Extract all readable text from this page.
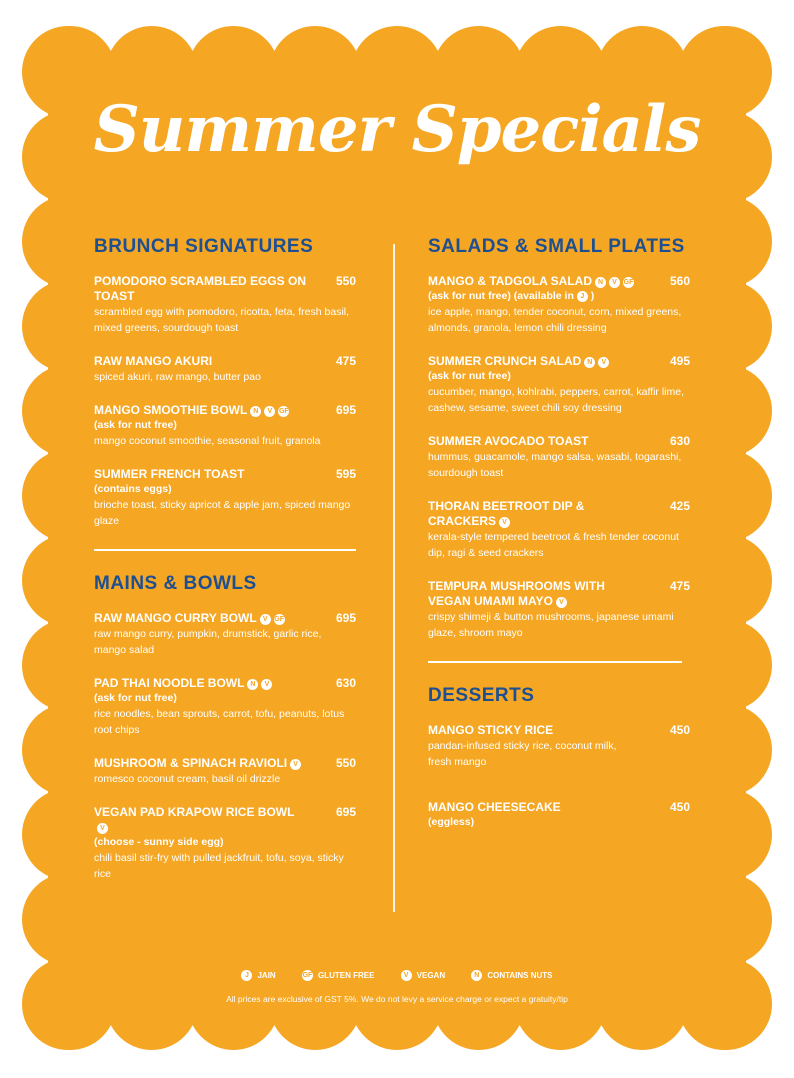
Summer Specials
BRUNCH SIGNATURES
POMODORO SCRAMBLED EGGS ON TOAST
550
scrambled egg with pomodoro, ricotta, feta, fresh basil, mixed greens, sourdough toast
RAW MANGO AKURI	475
spiced akuri, raw mango, butter pao
MANGO SMOOTHIE BOWL N V GF	695
(ask for nut free)
mango coconut smoothie, seasonal fruit, granola
SUMMER FRENCH TOAST	595
(contains eggs)
brioche toast, sticky apricot & apple jam, spiced mango glaze
MAINS & BOWLS
RAW MANGO CURRY BOWL V GF	695
raw mango curry, pumpkin, drumstick, garlic rice, mango salad
PAD THAI NOODLE BOWL N V	630
(ask for nut free)
rice noodles, bean sprouts, carrot, tofu, peanuts, lotus root chips
MUSHROOM & SPINACH RAVIOLI V	550
romesco coconut cream, basil oil drizzle
VEGAN PAD KRAPOW RICE BOWLV
695
(choose - sunny side egg)
chili basil stir-fry with pulled jackfruit, tofu, soya, sticky rice
SALADS & SMALL PLATES
MANGO & TADGOLA SALAD N V GF	560
(ask for nut free) (available in J )
ice apple, mango, tender coconut, corn, mixed greens, almonds, granola, lemon chili dressing
SUMMER CRUNCH SALAD N V	495
(ask for nut free)
cucumber, mango, kohlrabi, peppers, carrot, kaffir lime, cashew, sesame, sweet chili soy dressing
SUMMER AVOCADO TOAST	630
hummus, guacamole, mango salsa, wasabi, togarashi, sourdough toast
THORAN BEETROOT DIP & CRACKERS V
425
kerala-style tempered beetroot & fresh tender coconut dip, ragi & seed crackers
TEMPURA MUSHROOMS WITH VEGAN UMAMI MAYO V
475
crispy shimeji & button mushrooms, japanese umami glaze, shroom mayo
DESSERTS
MANGO STICKY RICE	450
pandan-infused sticky rice, coconut milk, fresh mango
MANGO CHEESECAKE	450
(eggless)
J JAIN	GF GLUTEN FREE	V VEGAN	N CONTAINS NUTS
All prices are exclusive of GST 5%. We do not levy a service charge or expect a gratuity/tip
